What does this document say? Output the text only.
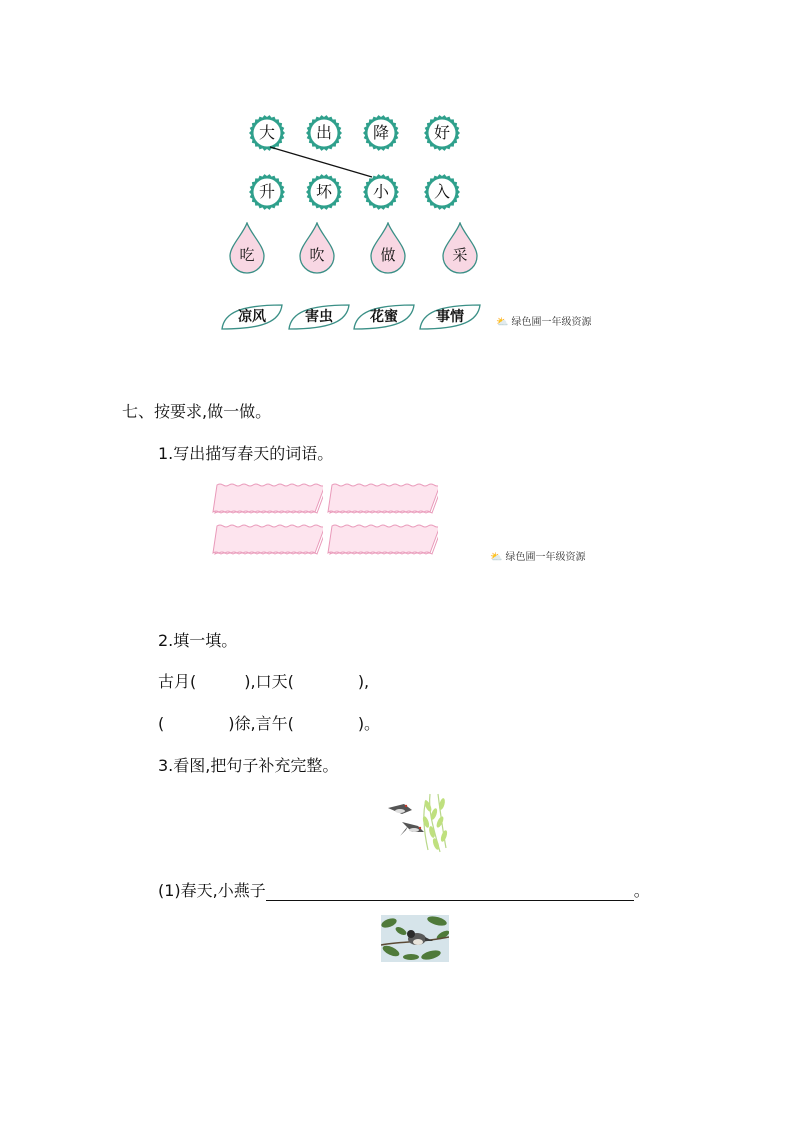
大	出	降	好
升	坏	小	入
吃	吹	做	采
凉风	害虫	花蜜	事情	⛅ 绿色圃一年级资源
七、按要求,做一做。
1.写出描写春天的词语。
⛅ 绿色圃一年级资源
2.填一填。
古月(　　　),口天(　　　　),
(　　　　)徐,言午(　　　　)。
3.看图,把句子补充完整。
(1)春天,小燕子	。
